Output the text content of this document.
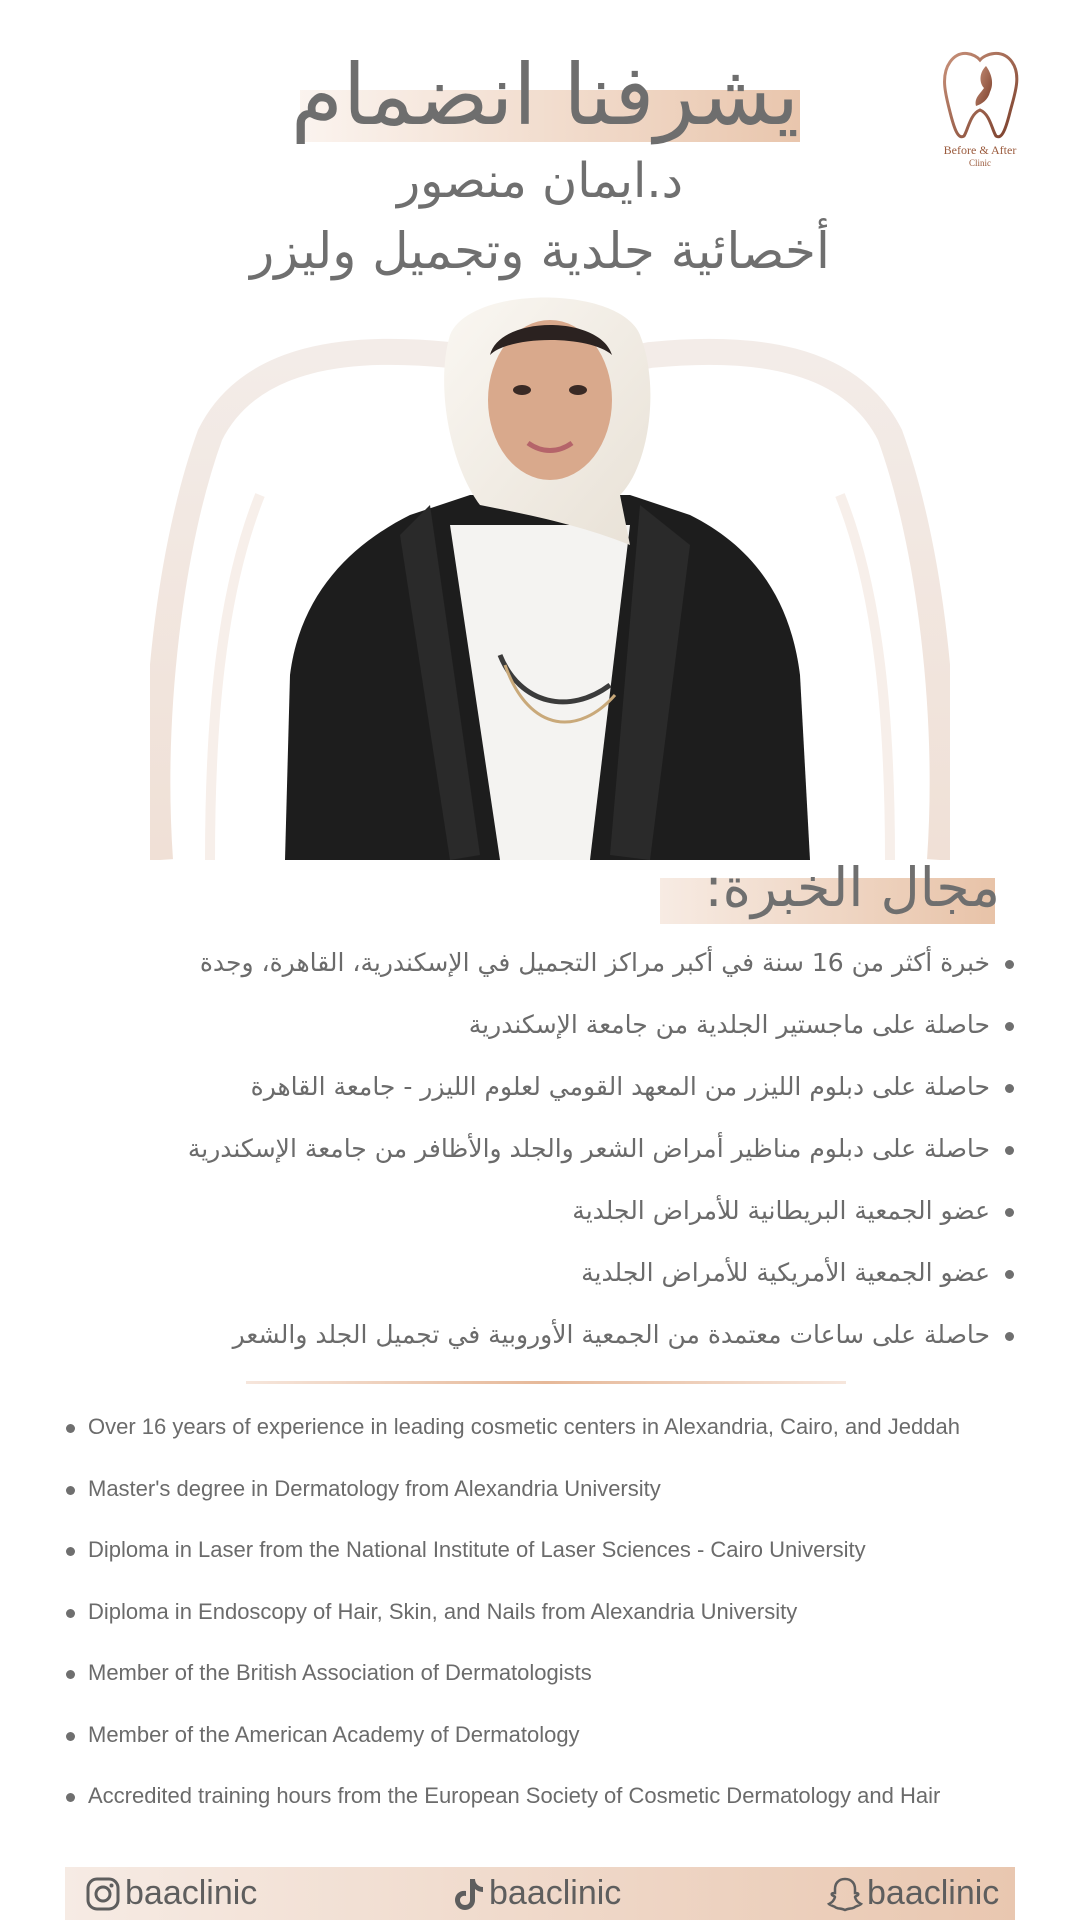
يشرفنا انضمام
Before & After
Clinic
د.ايمان منصور
أخصائية جلدية وتجميل وليزر
مجال الخبرة:
خبرة أكثر من 16 سنة في أكبر مراكز التجميل في الإسكندرية، القاهرة، وجدة
حاصلة على ماجستير الجلدية من جامعة الإسكندرية
حاصلة على دبلوم الليزر من المعهد القومي لعلوم الليزر - جامعة القاهرة
حاصلة على دبلوم مناظير أمراض الشعر والجلد والأظافر من جامعة الإسكندرية
عضو الجمعية البريطانية للأمراض الجلدية
عضو الجمعية الأمريكية للأمراض الجلدية
حاصلة على ساعات معتمدة من الجمعية الأوروبية في تجميل الجلد والشعر
Over 16 years of experience in leading cosmetic centers in Alexandria, Cairo, and Jeddah
Master's degree in Dermatology from Alexandria University
Diploma in Laser from the National Institute of Laser Sciences - Cairo University
Diploma in Endoscopy of Hair, Skin, and Nails from Alexandria University
Member of the British Association of Dermatologists
Member of the American Academy of Dermatology
Accredited training hours from the European Society of Cosmetic Dermatology and Hair
baaclinic	baaclinic	baaclinic
